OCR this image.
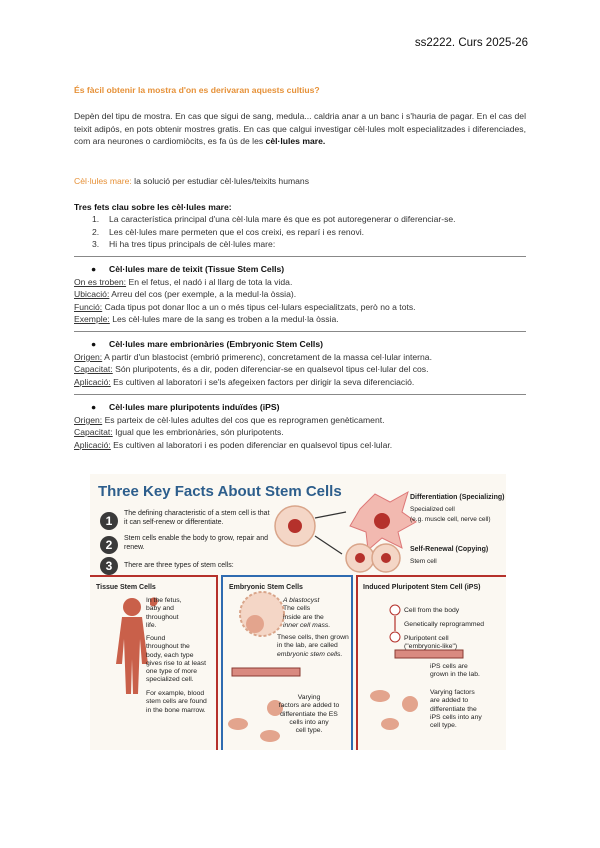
ss2222. Curs 2025-26
És fàcil obtenir la mostra d'on es derivaran aquests cultius?
Depèn del tipu de mostra. En cas que sigui de sang, medula... caldria anar a un banc i s'hauria de pagar. En el cas del teixit adipós, en pots obtenir mostres gratis. En cas que calgui investigar cèl·lules molt especialitzades i diferenciades, com ara neurones o cardiomiòcits, es fa ús de les cèl·lules mare.
Cèl·lules mare: la solució per estudiar cèl·lules/teixits humans
Tres fets clau sobre les cèl·lules mare:
1. La característica principal d'una cèl·lula mare és que es pot autoregenerar o diferenciar-se.
2. Les cèl·lules mare permeten que el cos creixi, es reparí i es renovi.
3. Hi ha tres tipus principals de cèl·lules mare:
● Cèl·lules mare de teixit (Tissue Stem Cells)
On es troben: En el fetus, el nadó i al llarg de tota la vida.
Ubicació: Arreu del cos (per exemple, a la medul·la òssia).
Funció: Cada tipus pot donar lloc a un o més tipus cel·lulars especialitzats, però no a tots.
Exemple: Les cèl·lules mare de la sang es troben a la medul·la òssia.
● Cèl·lules mare embrionàries (Embryonic Stem Cells)
Origen: A partir d'un blastocist (embrió primerenc), concretament de la massa cel·lular interna.
Capacitat: Són pluripotents, és a dir, poden diferenciar-se en qualsevol tipus cel·lular del cos.
Aplicació: Es cultiven al laboratori i se'ls afegeixen factors per dirigir la seva diferenciació.
● Cèl·lules mare pluripotents induïdes (iPS)
Origen: Es parteix de cèl·lules adultes del cos que es reprogramen genèticament.
Capacitat: Igual que les embrionàries, són pluripotents.
Aplicació: Es cultiven al laboratori i es poden diferenciar en qualsevol tipus cel·lular.
Three Key Facts About Stem Cells
1
The defining characteristic of a stem cell is that it can self-renew or differentiate.
2	Stem cells enable the body to grow, repair and renew.
3	There are three types of stem cells:
Differentiation (Specializing)
Specialized cell
(e.g. muscle cell, nerve cell)
Self-Renewal (Copying)
Stem cell
Tissue Stem Cells
In the fetus,
baby and
throughout
life.
Found
throughout the
body, each type
gives rise to at least
one type of more
specialized cell.
For example, blood
stem cells are found
in the bone marrow.
Embryonic Stem Cells
A blastocyst
The cells
inside are the
inner cell mass.
These cells, then grown
in the lab, are called
embryonic stem cells.
Varying
factors are added to
differentiate the ES
cells into any
cell type.
Induced Pluripotent Stem Cell (iPS)
Cell from the body
Genetically reprogrammed
Pluripotent cell
("embryonic-like")
iPS cells are
grown in the lab.
Varying factors
are added to
differentiate the
iPS cells into any
cell type.
